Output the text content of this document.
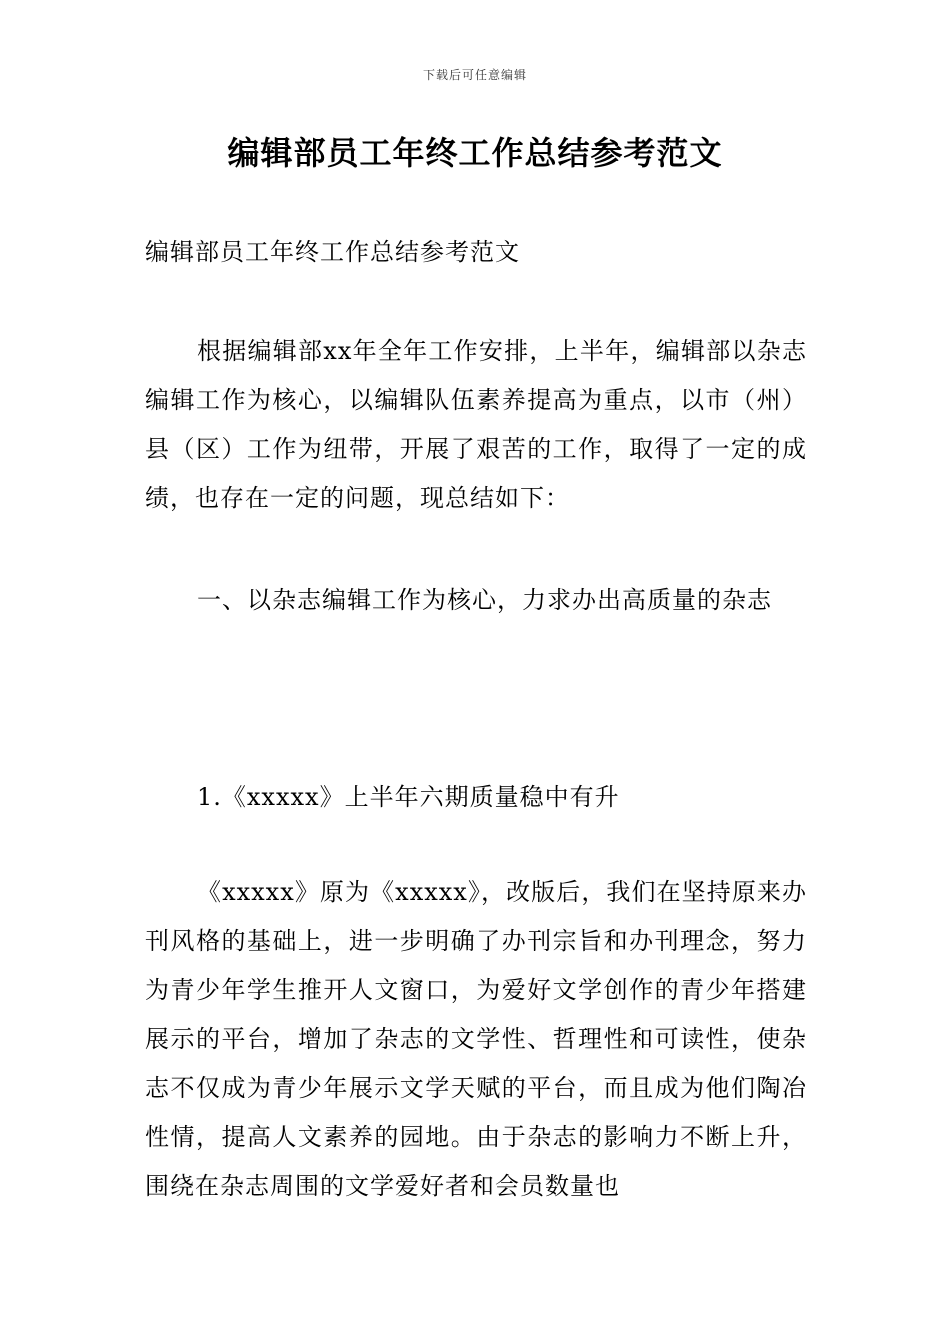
下载后可任意编辑
编辑部员工年终工作总结参考范文

编辑部员工年终工作总结参考范文

根据编辑部xx年全年工作安排，上半年，编辑部以杂志编辑工作为核心，以编辑队伍素养提高为重点，以市（州）县（区）工作为纽带，开展了艰苦的工作，取得了一定的成绩，也存在一定的问题，现总结如下：

一、以杂志编辑工作为核心，力求办出高质量的杂志

1.《xxxxx》上半年六期质量稳中有升

《xxxxx》原为《xxxxx》，改版后，我们在坚持原来办刊风格的基础上，进一步明确了办刊宗旨和办刊理念，努力为青少年学生推开人文窗口，为爱好文学创作的青少年搭建展示的平台，增加了杂志的文学性、哲理性和可读性，使杂志不仅成为青少年展示文学天赋的平台，而且成为他们陶冶性情，提高人文素养的园地。由于杂志的影响力不断上升，围绕在杂志周围的文学爱好者和会员数量也
